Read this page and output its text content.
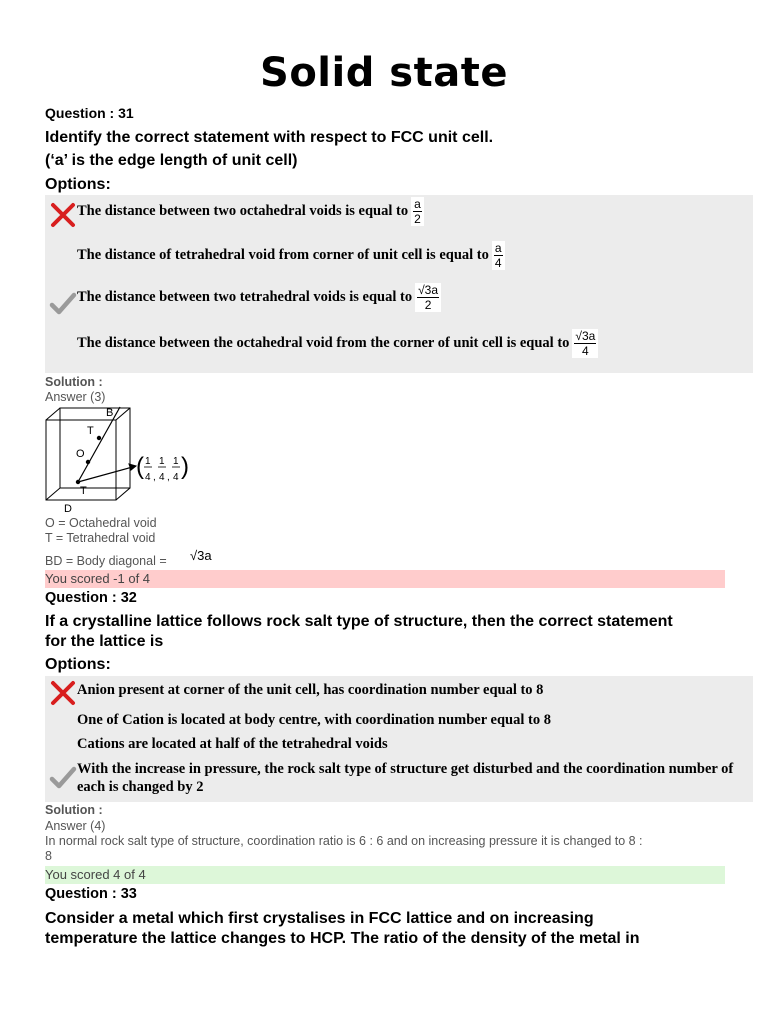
Solid state
Question : 31
Identify the correct statement with respect to FCC unit cell.
(‘a’ is the edge length of unit cell)
Options:
The distance between two octahedral voids is equal to $\frac{a}{2}$
The distance of tetrahedral void from corner of unit cell is equal to $\frac{a}{4}$
The distance between two tetrahedral voids is equal to $\frac{√3a}{2}$
The distance between the octahedral void from the corner of unit cell is equal to $\frac{√3a}{4}$
Solution :
Answer (3)
B
T
O
T
D
( 1
4 ,
1
4 ,
1
4 )
O = Octahedral void
T = Tetrahedral void
BD = Body diagonal = √3a
You scored -1 of 4
Question : 32
If a crystalline lattice follows rock salt type of structure, then the correct statement
for the lattice is
Options:
Anion present at corner of the unit cell, has coordination number equal to 8
One of Cation is located at body centre, with coordination number equal to 8
Cations are located at half of the tetrahedral voids
With the increase in pressure, the rock salt type of structure get disturbed and the coordination number of each is changed by 2
Solution :
Answer (4)
In normal rock salt type of structure, coordination ratio is 6 : 6 and on increasing pressure it is changed to 8 :
8
You scored 4 of 4
Question : 33
Consider a metal which first crystalises in FCC lattice and on increasing
temperature the lattice changes to HCP. The ratio of the density of the metal in
